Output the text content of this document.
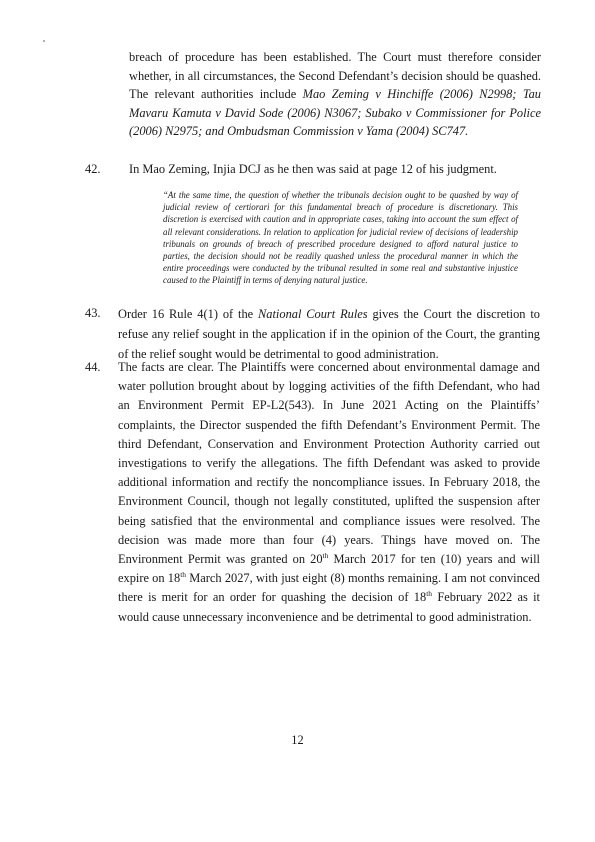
breach of procedure has been established. The Court must therefore consider whether, in all circumstances, the Second Defendant’s decision should be quashed. The relevant authorities include Mao Zeming v Hinchiffe (2006) N2998; Tau Mavaru Kamuta v David Sode (2006) N3067; Subako v Commissioner for Police (2006) N2975; and Ombudsman Commission v Yama (2004) SC747.

42. In Mao Zeming, Injia DCJ as he then was said at page 12 of his judgment.

“At the same time, the question of whether the tribunals decision ought to be quashed by way of judicial review of certiorari for this fundamental breach of procedure is discretionary. This discretion is exercised with caution and in appropriate cases, taking into account the sum effect of all relevant considerations. In relation to application for judicial review of decisions of leadership tribunals on grounds of breach of prescribed procedure designed to afford natural justice to parties, the decision should not be readily quashed unless the procedural manner in which the entire proceedings were conducted by the tribunal resulted in some real and substantive injustice caused to the Plaintiff in terms of denying natural justice.

43. Order 16 Rule 4(1) of the National Court Rules gives the Court the discretion to refuse any relief sought in the application if in the opinion of the Court, the granting of the relief sought would be detrimental to good administration.

44. The facts are clear. The Plaintiffs were concerned about environmental damage and water pollution brought about by logging activities of the fifth Defendant, who had an Environment Permit EP-L2(543). In June 2021 Acting on the Plaintiffs’ complaints, the Director suspended the fifth Defendant’s Environment Permit. The third Defendant, Conservation and Environment Protection Authority carried out investigations to verify the allegations. The fifth Defendant was asked to provide additional information and rectify the noncompliance issues. In February 2018, the Environment Council, though not legally constituted, uplifted the suspension after being satisfied that the environmental and compliance issues were resolved. The decision was made more than four (4) years. Things have moved on. The Environment Permit was granted on 20th March 2017 for ten (10) years and will expire on 18th March 2027, with just eight (8) months remaining. I am not convinced there is merit for an order for quashing the decision of 18th February 2022 as it would cause unnecessary inconvenience and be detrimental to good administration.

12
